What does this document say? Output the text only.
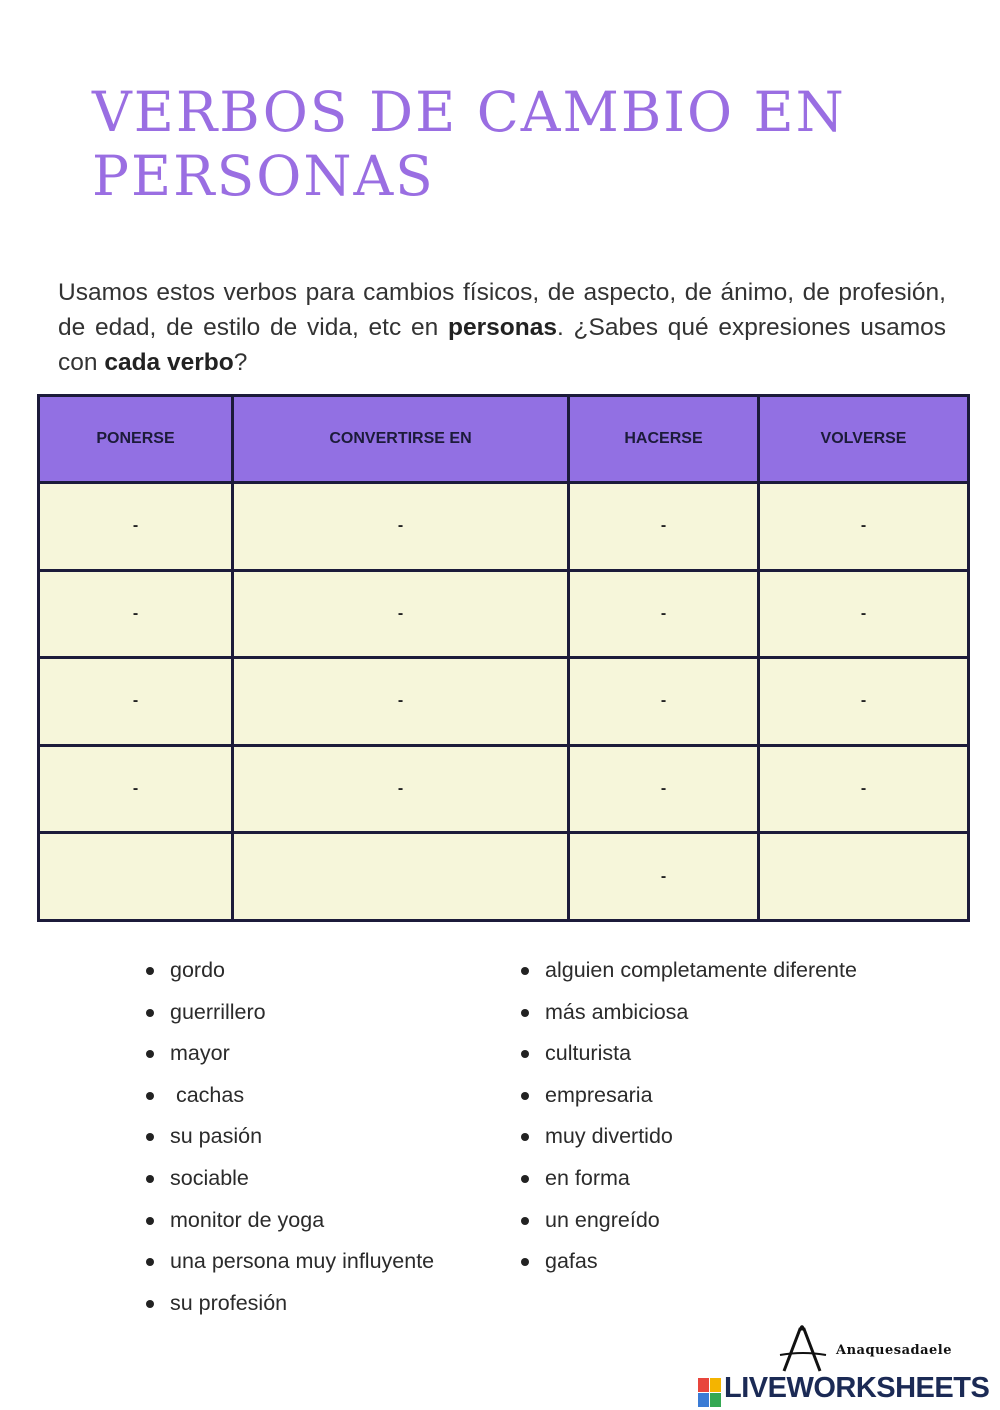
VERBOS DE CAMBIO EN PERSONAS

Usamos estos verbos para cambios físicos, de aspecto, de ánimo, de profesión, de edad, de estilo de vida, etc en personas. ¿Sabes qué expresiones usamos con cada verbo?

PONERSE	CONVERTIRSE EN	HACERSE	VOLVERSE
-	-	-	-
-	-	-	-
-	-	-	-
-	-	-	-
		-	
gordo
guerrillero
mayor
cachas
su pasión
sociable
monitor de yoga
una persona muy influyente
su profesión
alguien completamente diferente
más ambiciosa
culturista
empresaria
muy divertido
en forma
un engreído
gafas
Anaquesadaele
LIVEWORKSHEETS
